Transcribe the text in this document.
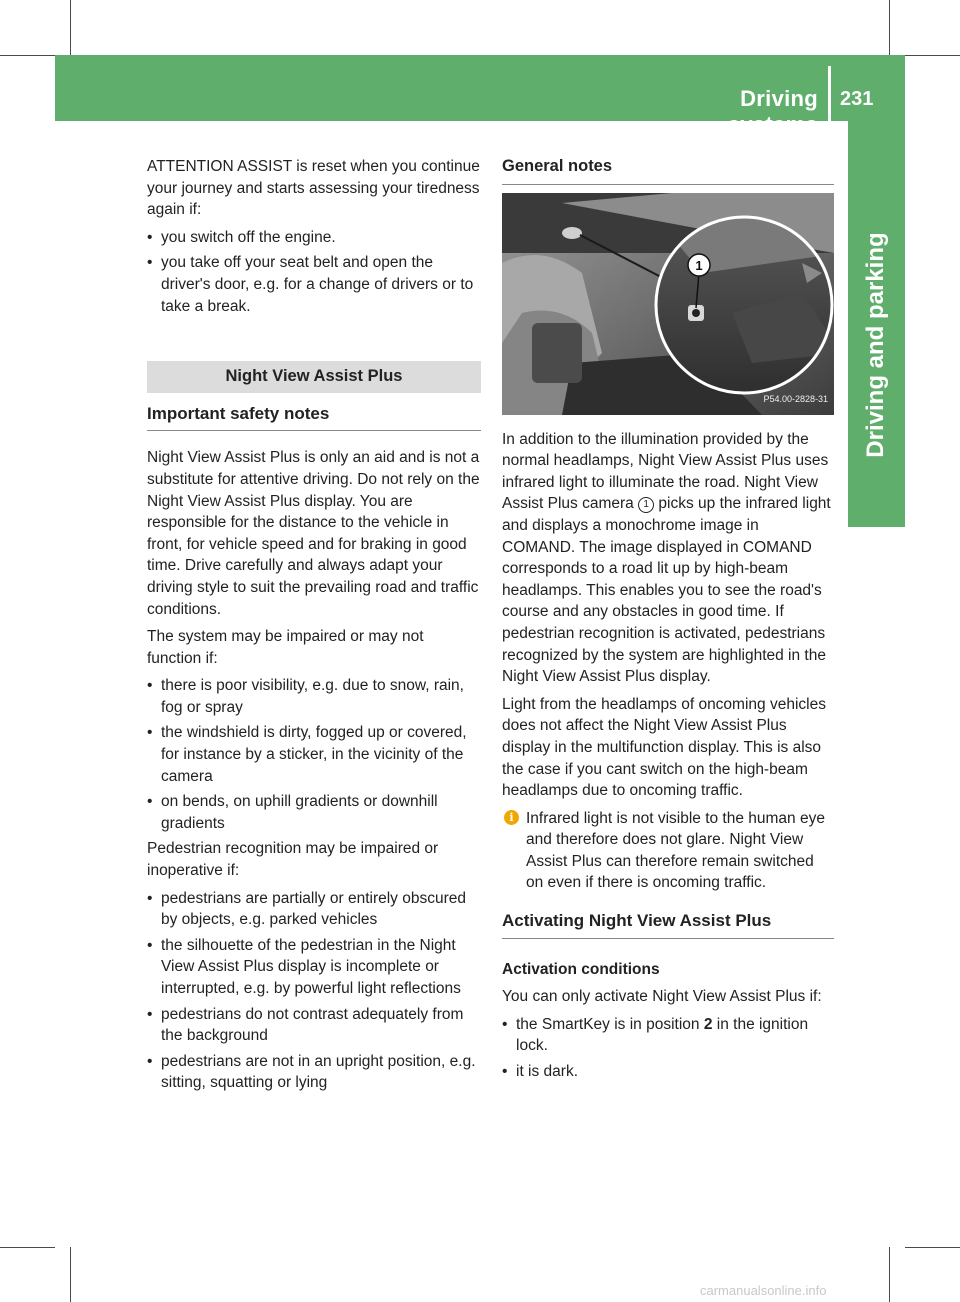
Driving systems
231
Driving and parking

ATTENTION ASSIST is reset when you continue your journey and starts assessing your tiredness again if:

• you switch off the engine.
• you take off your seat belt and open the driver's door, e.g. for a change of drivers or to take a break.
Night View Assist Plus
Important safety notes

Night View Assist Plus is only an aid and is not a substitute for attentive driving. Do not rely on the Night View Assist Plus display. You are responsible for the distance to the vehicle in front, for vehicle speed and for braking in good time. Drive carefully and always adapt your driving style to suit the prevailing road and traffic conditions.

The system may be impaired or may not function if:

• there is poor visibility, e.g. due to snow, rain, fog or spray
• the windshield is dirty, fogged up or covered, for instance by a sticker, in the vicinity of the camera
• on bends, on uphill gradients or downhill gradients

Pedestrian recognition may be impaired or inoperative if:

• pedestrians are partially or entirely obscured by objects, e.g. parked vehicles
• the silhouette of the pedestrian in the Night View Assist Plus display is incomplete or interrupted, e.g. by powerful light reflections
• pedestrians do not contrast adequately from the background
• pedestrians are not in an upright position, e.g. sitting, squatting or lying
General notes
1
P54.00-2828-31

In addition to the illumination provided by the normal headlamps, Night View Assist Plus uses infrared light to illuminate the road. Night View Assist Plus camera 1 picks up the infrared light and displays a monochrome image in COMAND. The image displayed in COMAND corresponds to a road lit up by high-beam headlamps. This enables you to see the road's course and any obstacles in good time. If pedestrian recognition is activated, pedestrians recognized by the system are highlighted in the Night View Assist Plus display.

Light from the headlamps of oncoming vehicles does not affect the Night View Assist Plus display in the multifunction display. This is also the case if you cant switch on the high-beam headlamps due to oncoming traffic.

i Infrared light is not visible to the human eye and therefore does not glare. Night View Assist Plus can therefore remain switched on even if there is oncoming traffic.
Activating Night View Assist Plus
Activation conditions

You can only activate Night View Assist Plus if:

• the SmartKey is in position 2 in the ignition lock.
• it is dark.
carmanualsonline.info
